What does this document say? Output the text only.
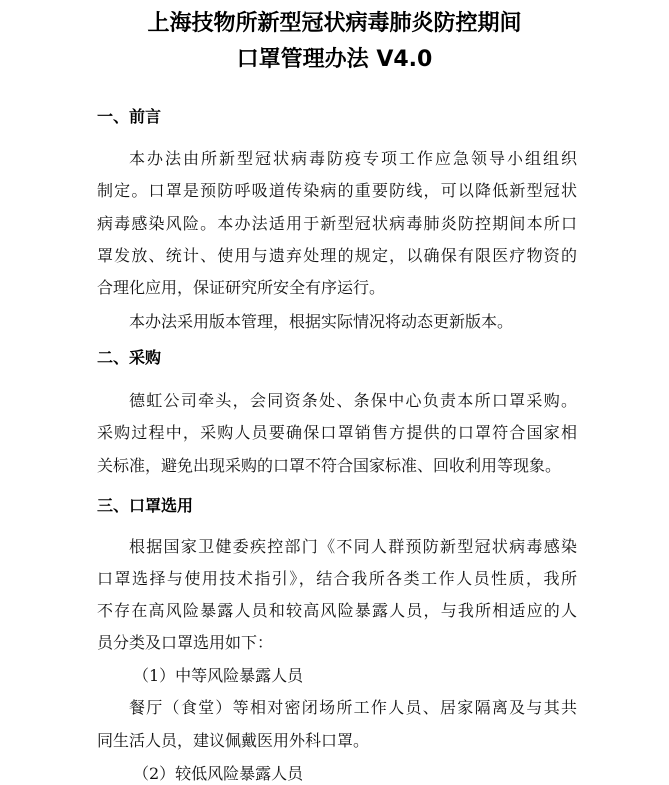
上海技物所新型冠状病毒肺炎防控期间
口罩管理办法 V4.0
一、前言
本办法由所新型冠状病毒防疫专项工作应急领导小组组织
制定。口罩是预防呼吸道传染病的重要防线，可以降低新型冠状
病毒感染风险。本办法适用于新型冠状病毒肺炎防控期间本所口
罩发放、统计、使用与遗弃处理的规定，以确保有限医疗物资的
合理化应用，保证研究所安全有序运行。
本办法采用版本管理，根据实际情况将动态更新版本。
二、采购
德虹公司牵头，会同资条处、条保中心负责本所口罩采购。
采购过程中，采购人员要确保口罩销售方提供的口罩符合国家相
关标准，避免出现采购的口罩不符合国家标准、回收利用等现象。
三、口罩选用
根据国家卫健委疾控部门《不同人群预防新型冠状病毒感染
口罩选择与使用技术指引》，结合我所各类工作人员性质，我所
不存在高风险暴露人员和较高风险暴露人员，与我所相适应的人
员分类及口罩选用如下：
（1）中等风险暴露人员
餐厅（食堂）等相对密闭场所工作人员、居家隔离及与其共
同生活人员，建议佩戴医用外科口罩。
（2）较低风险暴露人员
